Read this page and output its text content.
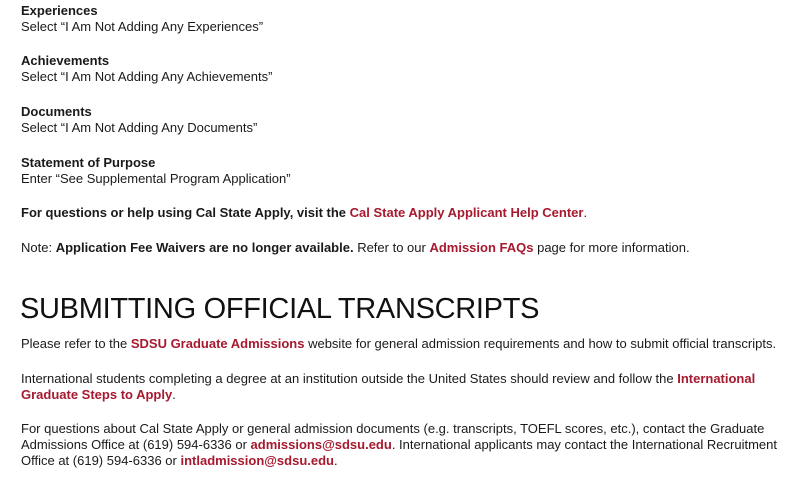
Experiences
Select “I Am Not Adding Any Experiences”
Achievements
Select “I Am Not Adding Any Achievements”
Documents
Select “I Am Not Adding Any Documents”
Statement of Purpose
Enter “See Supplemental Program Application”
For questions or help using Cal State Apply, visit the Cal State Apply Applicant Help Center.
Note: Application Fee Waivers are no longer available. Refer to our Admission FAQs page for more information.
SUBMITTING OFFICIAL TRANSCRIPTS
Please refer to the SDSU Graduate Admissions website for general admission requirements and how to submit official transcripts.
International students completing a degree at an institution outside the United States should review and follow the International Graduate Steps to Apply.
For questions about Cal State Apply or general admission documents (e.g. transcripts, TOEFL scores, etc.), contact the Graduate Admissions Office at (619) 594-6336 or admissions@sdsu.edu. International applicants may contact the International Recruitment Office at (619) 594-6336 or intladmission@sdsu.edu.
